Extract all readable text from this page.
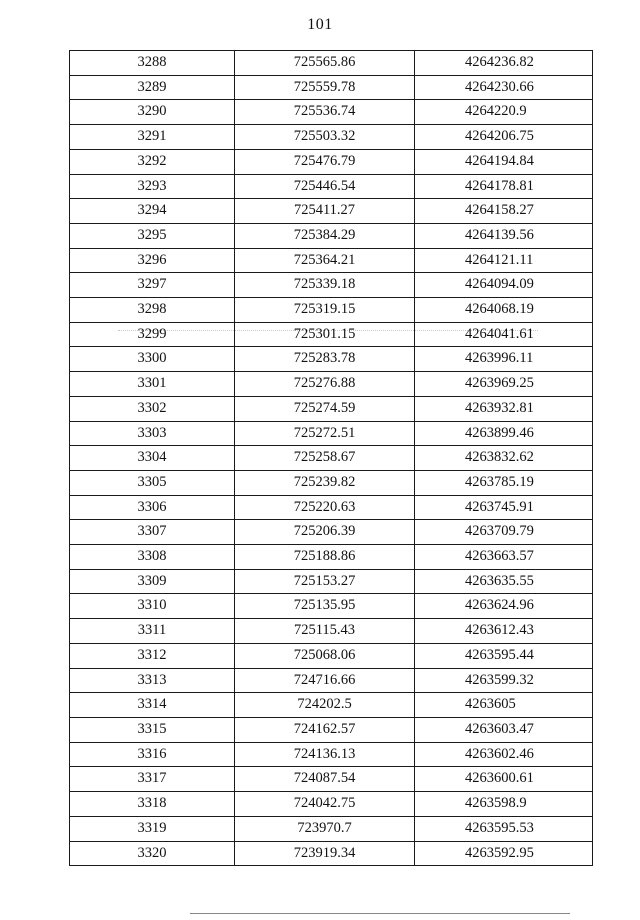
101
3288	725565.86	4264236.82
3289	725559.78	4264230.66
3290	725536.74	4264220.9
3291	725503.32	4264206.75
3292	725476.79	4264194.84
3293	725446.54	4264178.81
3294	725411.27	4264158.27
3295	725384.29	4264139.56
3296	725364.21	4264121.11
3297	725339.18	4264094.09
3298	725319.15	4264068.19
3299	725301.15	4264041.61
3300	725283.78	4263996.11
3301	725276.88	4263969.25
3302	725274.59	4263932.81
3303	725272.51	4263899.46
3304	725258.67	4263832.62
3305	725239.82	4263785.19
3306	725220.63	4263745.91
3307	725206.39	4263709.79
3308	725188.86	4263663.57
3309	725153.27	4263635.55
3310	725135.95	4263624.96
3311	725115.43	4263612.43
3312	725068.06	4263595.44
3313	724716.66	4263599.32
3314	724202.5	4263605
3315	724162.57	4263603.47
3316	724136.13	4263602.46
3317	724087.54	4263600.61
3318	724042.75	4263598.9
3319	723970.7	4263595.53
3320	723919.34	4263592.95
